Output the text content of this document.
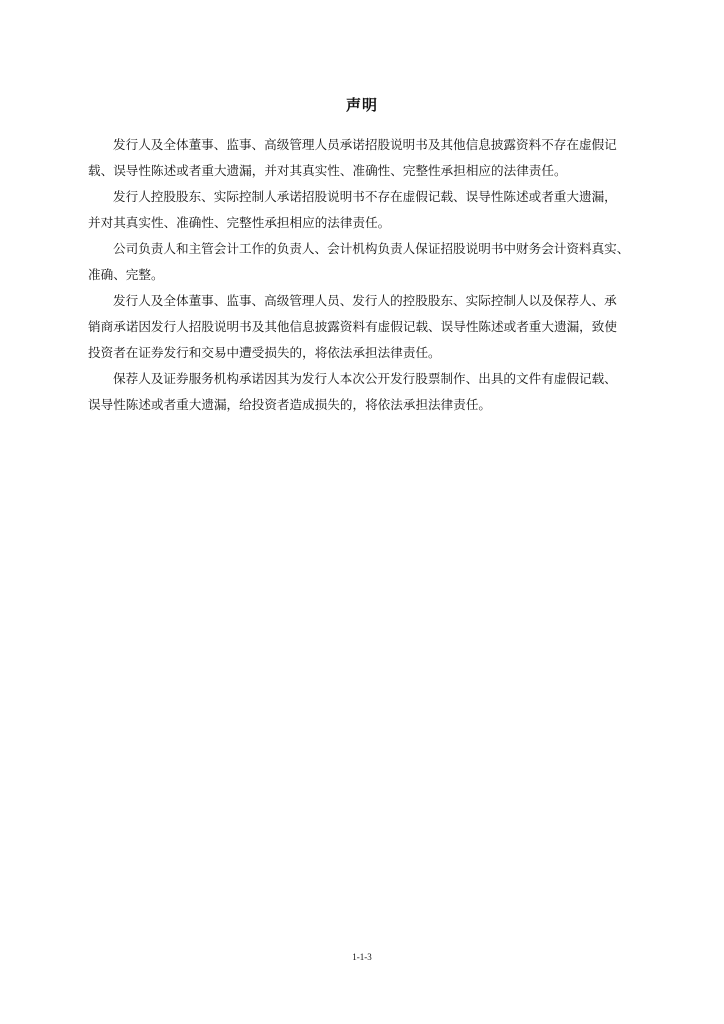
声明
发行人及全体董事、监事、高级管理人员承诺招股说明书及其他信息披露资料不存在虚假记
载、误导性陈述或者重大遗漏，并对其真实性、准确性、完整性承担相应的法律责任。
发行人控股股东、实际控制人承诺招股说明书不存在虚假记载、误导性陈述或者重大遗漏，
并对其真实性、准确性、完整性承担相应的法律责任。
公司负责人和主管会计工作的负责人、会计机构负责人保证招股说明书中财务会计资料真实、
准确、完整。
发行人及全体董事、监事、高级管理人员、发行人的控股股东、实际控制人以及保荐人、承
销商承诺因发行人招股说明书及其他信息披露资料有虚假记载、误导性陈述或者重大遗漏，致使
投资者在证券发行和交易中遭受损失的，将依法承担法律责任。
保荐人及证券服务机构承诺因其为发行人本次公开发行股票制作、出具的文件有虚假记载、
误导性陈述或者重大遗漏，给投资者造成损失的，将依法承担法律责任。
1-1-3
